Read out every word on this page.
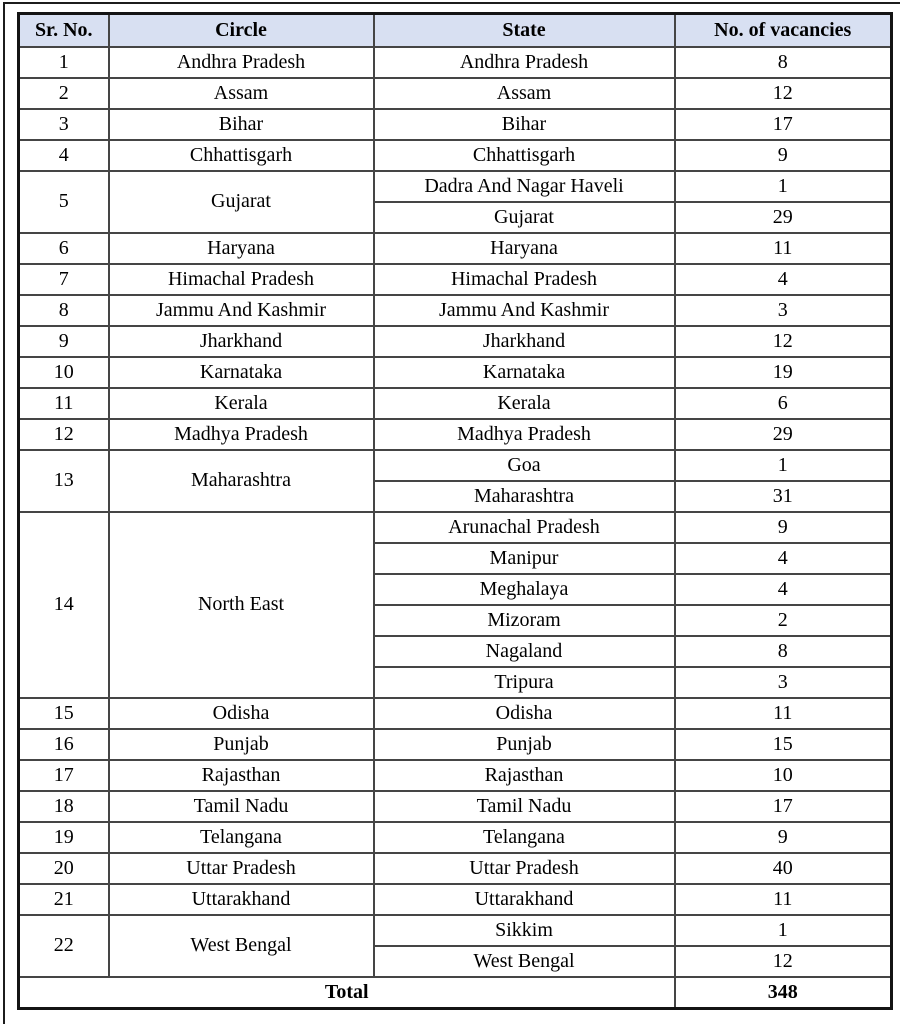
Sr. No.	Circle	State	No. of vacancies
1	Andhra Pradesh	Andhra Pradesh	8
2	Assam	Assam	12
3	Bihar	Bihar	17
4	Chhattisgarh	Chhattisgarh	9
5	Gujarat	Dadra And Nagar Haveli	1
		Gujarat	29
6	Haryana	Haryana	11
7	Himachal Pradesh	Himachal Pradesh	4
8	Jammu And Kashmir	Jammu And Kashmir	3
9	Jharkhand	Jharkhand	12
10	Karnataka	Karnataka	19
11	Kerala	Kerala	6
12	Madhya Pradesh	Madhya Pradesh	29
13	Maharashtra	Goa	1
		Maharashtra	31
14	North East	Arunachal Pradesh	9
		Manipur	4
		Meghalaya	4
		Mizoram	2
		Nagaland	8
		Tripura	3
15	Odisha	Odisha	11
16	Punjab	Punjab	15
17	Rajasthan	Rajasthan	10
18	Tamil Nadu	Tamil Nadu	17
19	Telangana	Telangana	9
20	Uttar Pradesh	Uttar Pradesh	40
21	Uttarakhand	Uttarakhand	11
22	West Bengal	Sikkim	1
		West Bengal	12
Total			348
